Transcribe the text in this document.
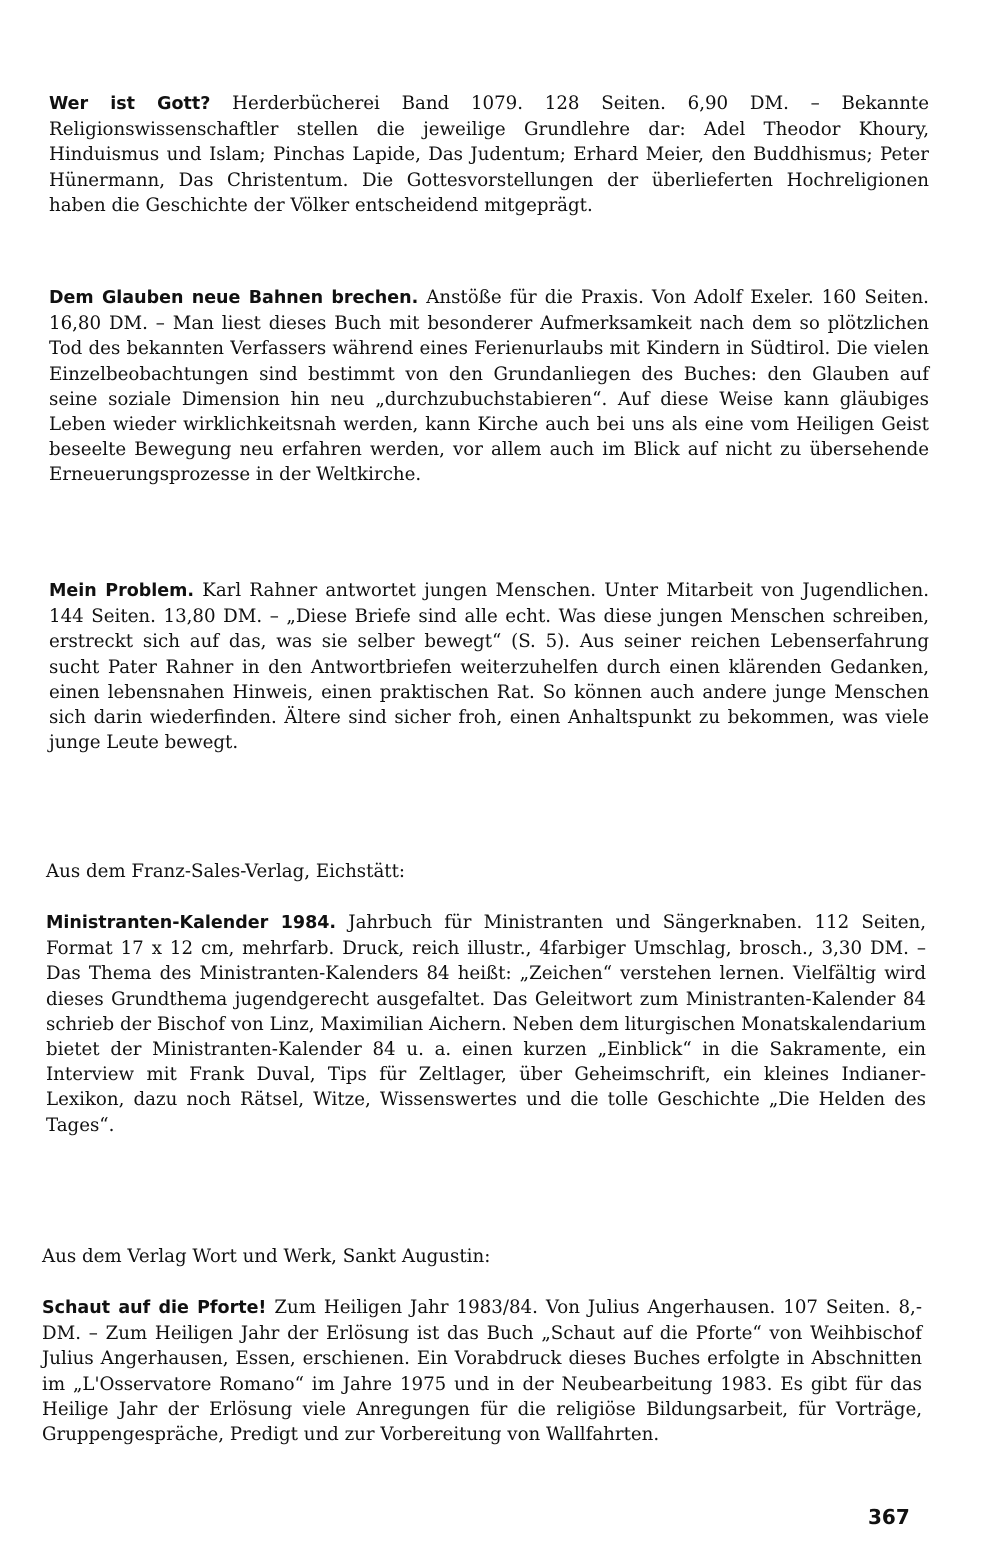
Wer ist Gott? Herderbücherei Band 1079. 128 Seiten. 6,90 DM. – Bekannte Religionswissenschaftler stellen die jeweilige Grundlehre dar: Adel Theodor Khoury, Hinduismus und Islam; Pinchas Lapide, Das Judentum; Erhard Meier, den Buddhismus; Peter Hünermann, Das Christentum. Die Gottesvorstellungen der überlieferten Hochreligionen haben die Geschichte der Völker entscheidend mitgeprägt.

Dem Glauben neue Bahnen brechen. Anstöße für die Praxis. Von Adolf Exeler. 160 Seiten. 16,80 DM. – Man liest dieses Buch mit besonderer Aufmerksamkeit nach dem so plötzlichen Tod des bekannten Verfassers während eines Ferienurlaubs mit Kindern in Südtirol. Die vielen Einzelbeobachtungen sind bestimmt von den Grundanliegen des Buches: den Glauben auf seine soziale Dimension hin neu „durchzubuchstabieren“. Auf diese Weise kann gläubiges Leben wieder wirklichkeitsnah werden, kann Kirche auch bei uns als eine vom Heiligen Geist beseelte Bewegung neu erfahren werden, vor allem auch im Blick auf nicht zu übersehende Erneuerungsprozesse in der Weltkirche.

Mein Problem. Karl Rahner antwortet jungen Menschen. Unter Mitarbeit von Jugendlichen. 144 Seiten. 13,80 DM. – „Diese Briefe sind alle echt. Was diese jungen Menschen schreiben, erstreckt sich auf das, was sie selber bewegt“ (S. 5). Aus seiner reichen Lebenserfahrung sucht Pater Rahner in den Antwortbriefen weiterzuhelfen durch einen klärenden Gedanken, einen lebensnahen Hinweis, einen praktischen Rat. So können auch andere junge Menschen sich darin wiederfinden. Ältere sind sicher froh, einen Anhaltspunkt zu bekommen, was viele junge Leute bewegt.

Aus dem Franz-Sales-Verlag, Eichstätt:

Ministranten-Kalender 1984. Jahrbuch für Ministranten und Sängerknaben. 112 Seiten, Format 17 x 12 cm, mehrfarb. Druck, reich illustr., 4farbiger Umschlag, brosch., 3,30 DM. – Das Thema des Ministranten-Kalenders 84 heißt: „Zeichen“ verstehen lernen. Vielfältig wird dieses Grundthema jugendgerecht ausgefaltet. Das Geleitwort zum Ministranten-Kalender 84 schrieb der Bischof von Linz, Maximilian Aichern. Neben dem liturgischen Monatskalendarium bietet der Ministranten-Kalender 84 u. a. einen kurzen „Einblick“ in die Sakramente, ein Interview mit Frank Duval, Tips für Zeltlager, über Geheimschrift, ein kleines Indianer-Lexikon, dazu noch Rätsel, Witze, Wissenswertes und die tolle Geschichte „Die Helden des Tages“.

Aus dem Verlag Wort und Werk, Sankt Augustin:

Schaut auf die Pforte! Zum Heiligen Jahr 1983/84. Von Julius Angerhausen. 107 Seiten. 8,- DM. – Zum Heiligen Jahr der Erlösung ist das Buch „Schaut auf die Pforte“ von Weihbischof Julius Angerhausen, Essen, erschienen. Ein Vorabdruck dieses Buches erfolgte in Abschnitten im „L'Osservatore Romano“ im Jahre 1975 und in der Neubearbeitung 1983. Es gibt für das Heilige Jahr der Erlösung viele Anregungen für die religiöse Bildungsarbeit, für Vorträge, Gruppengespräche, Predigt und zur Vorbereitung von Wallfahrten.

367
